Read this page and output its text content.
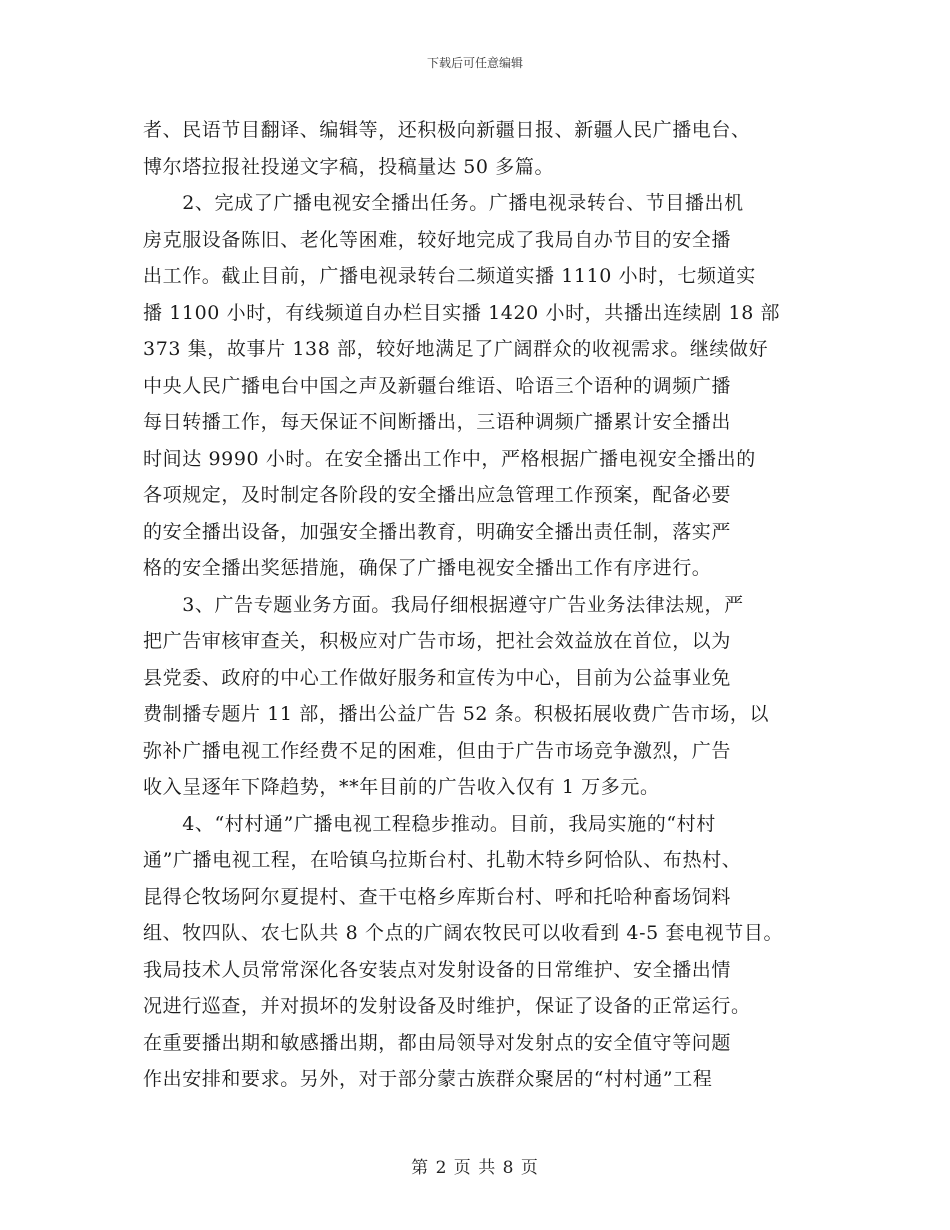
下载后可任意编辑
者、民语节目翻译、编辑等，还积极向新疆日报、新疆人民广播电台、
博尔塔拉报社投递文字稿，投稿量达 50 多篇。
　　2、完成了广播电视安全播出任务。广播电视录转台、节目播出机
房克服设备陈旧、老化等困难，较好地完成了我局自办节目的安全播
出工作。截止目前，广播电视录转台二频道实播 1110 小时，七频道实
播 1100 小时，有线频道自办栏目实播 1420 小时，共播出连续剧 18 部
373 集，故事片 138 部，较好地满足了广阔群众的收视需求。继续做好
中央人民广播电台中国之声及新疆台维语、哈语三个语种的调频广播
每日转播工作，每天保证不间断播出，三语种调频广播累计安全播出
时间达 9990 小时。在安全播出工作中，严格根据广播电视安全播出的
各项规定，及时制定各阶段的安全播出应急管理工作预案，配备必要
的安全播出设备，加强安全播出教育，明确安全播出责任制，落实严
格的安全播出奖惩措施，确保了广播电视安全播出工作有序进行。
　　3、广告专题业务方面。我局仔细根据遵守广告业务法律法规，严
把广告审核审查关，积极应对广告市场，把社会效益放在首位，以为
县党委、政府的中心工作做好服务和宣传为中心，目前为公益事业免
费制播专题片 11 部，播出公益广告 52 条。积极拓展收费广告市场，以
弥补广播电视工作经费不足的困难，但由于广告市场竞争激烈，广告
收入呈逐年下降趋势，**年目前的广告收入仅有 1 万多元。
　　4、“村村通”广播电视工程稳步推动。目前，我局实施的“村村
通”广播电视工程，在哈镇乌拉斯台村、扎勒木特乡阿恰队、布热村、
昆得仑牧场阿尔夏提村、查干屯格乡库斯台村、呼和托哈种畜场饲料
组、牧四队、农七队共 8 个点的广阔农牧民可以收看到 4-5 套电视节目。
我局技术人员常常深化各安装点对发射设备的日常维护、安全播出情
况进行巡查，并对损坏的发射设备及时维护，保证了设备的正常运行。
在重要播出期和敏感播出期，都由局领导对发射点的安全值守等问题
作出安排和要求。另外，对于部分蒙古族群众聚居的“村村通”工程
第 2 页 共 8 页
